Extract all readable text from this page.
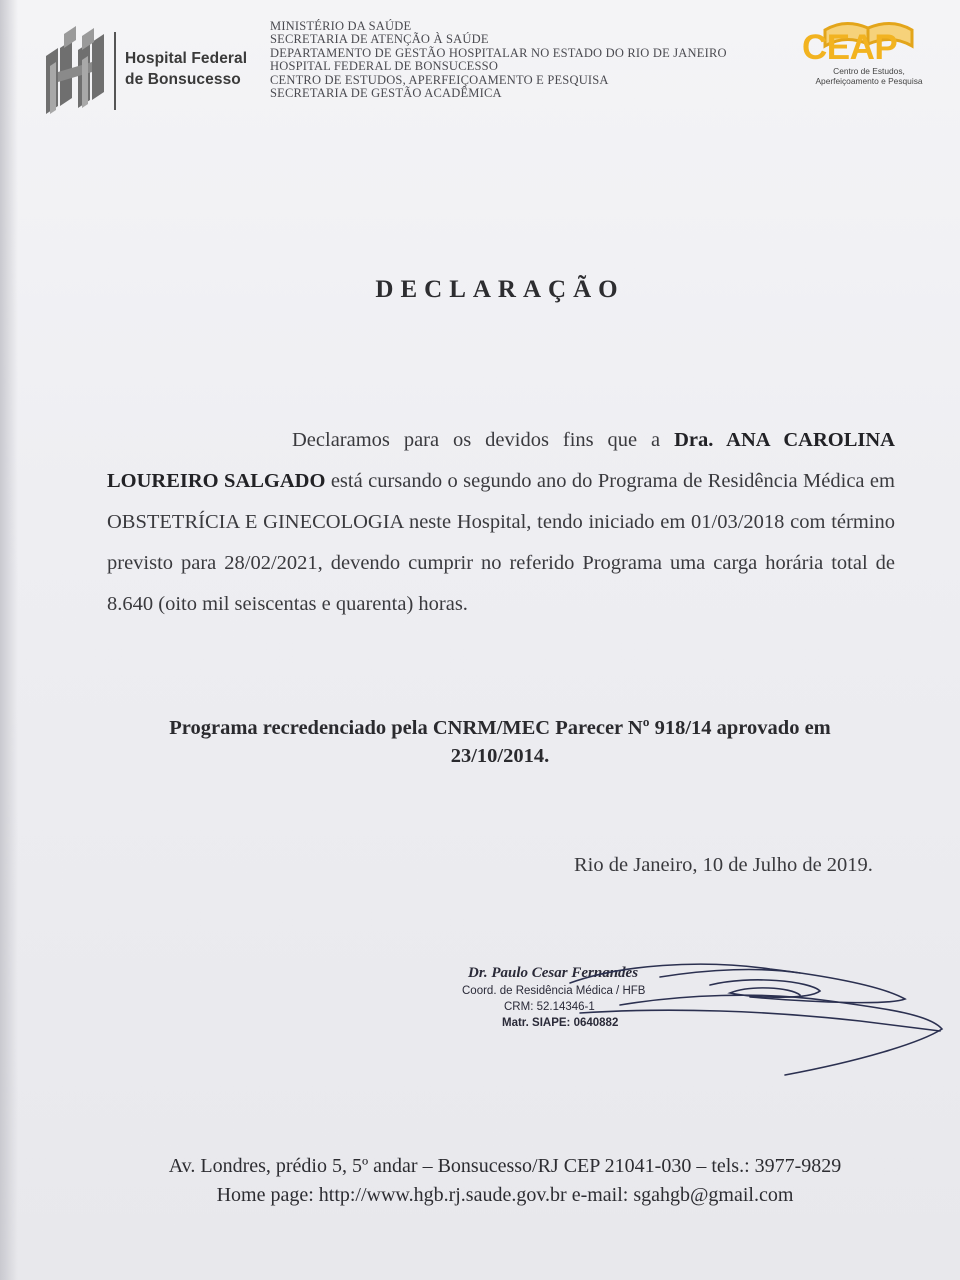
Hospital Federal
de Bonsucesso
MINISTÉRIO DA SAÚDE
SECRETARIA DE ATENÇÃO À SAÚDE
DEPARTAMENTO DE GESTÃO HOSPITALAR NO ESTADO DO RIO DE JANEIRO
HOSPITAL FEDERAL DE BONSUCESSO
CENTRO DE ESTUDOS, APERFEIÇOAMENTO E PESQUISA
SECRETARIA DE GESTÃO ACADÊMICA
CEAP
Centro de Estudos,
Aperfeiçoamento e Pesquisa
DECLARAÇÃO

Declaramos para os devidos fins que a Dra. ANA CAROLINA LOUREIRO SALGADO está cursando o segundo ano do Programa de Residência Médica em OBSTETRÍCIA E GINECOLOGIA neste Hospital, tendo iniciado em 01/03/2018 com término previsto para 28/02/2021, devendo cumprir no referido Programa uma carga horária total de 8.640 (oito mil seiscentas e quarenta) horas.

Programa recredenciado pela CNRM/MEC Parecer Nº 918/14 aprovado em
23/10/2014.
Rio de Janeiro, 10 de Julho de 2019.
Dr. Paulo Cesar Fernandes
Coord. de Residência Médica / HFB
CRM: 52.14346-1
Matr. SIAPE: 0640882
Av. Londres, prédio 5, 5º andar – Bonsucesso/RJ CEP 21041-030 – tels.: 3977-9829
Home page: http://www.hgb.rj.saude.gov.br e-mail: sgahgb@gmail.com
